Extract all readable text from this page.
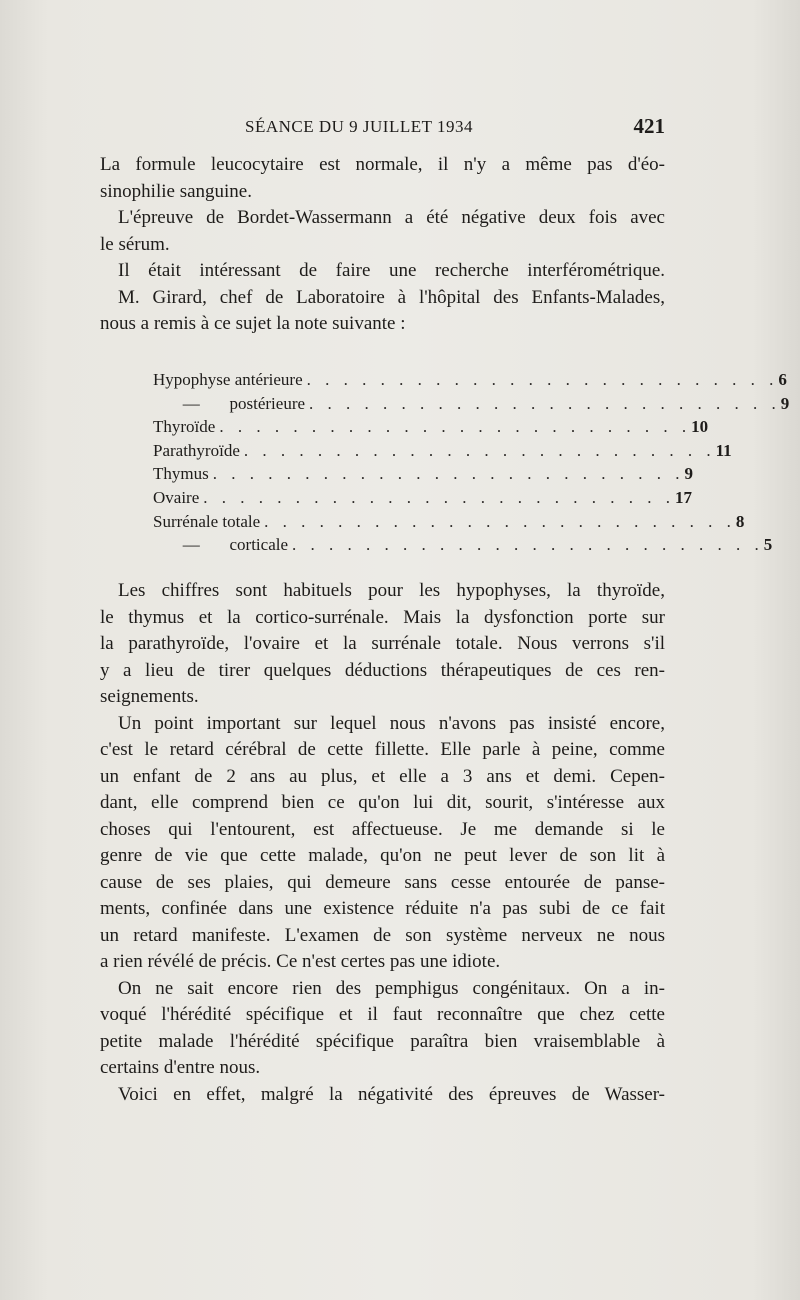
SÉANCE DU 9 JUILLET 1934	421
La formule leucocytaire est normale, il n'y a même pas d'éo-
sinophilie sanguine.
L'épreuve de Bordet-Wassermann a été négative deux fois avec
le sérum.
Il était intéressant de faire une recherche interférométrique.
M. Girard, chef de Laboratoire à l'hôpital des Enfants-Malades,
nous a remis à ce sujet la note suivante :
Hypophyse antérieure . . . . . . . . . . . . . . . . . . . . . . . . . . 6
—       postérieure . . . . . . . . . . . . . . . . . . . . . . . . . . 9
Thyroïde . . . . . . . . . . . . . . . . . . . . . . . . . . 10
Parathyroïde . . . . . . . . . . . . . . . . . . . . . . . . . . 11
Thymus . . . . . . . . . . . . . . . . . . . . . . . . . . 9
Ovaire . . . . . . . . . . . . . . . . . . . . . . . . . . 17
Surrénale totale . . . . . . . . . . . . . . . . . . . . . . . . . . 8
—       corticale . . . . . . . . . . . . . . . . . . . . . . . . . . 5
Les chiffres sont habituels pour les hypophyses, la thyroïde,
le thymus et la cortico-surrénale. Mais la dysfonction porte sur
la parathyroïde, l'ovaire et la surrénale totale. Nous verrons s'il
y a lieu de tirer quelques déductions thérapeutiques de ces ren-
seignements.
Un point important sur lequel nous n'avons pas insisté encore,
c'est le retard cérébral de cette fillette. Elle parle à peine, comme
un enfant de 2 ans au plus, et elle a 3 ans et demi. Cepen-
dant, elle comprend bien ce qu'on lui dit, sourit, s'intéresse aux
choses qui l'entourent, est affectueuse. Je me demande si le
genre de vie que cette malade, qu'on ne peut lever de son lit à
cause de ses plaies, qui demeure sans cesse entourée de panse-
ments, confinée dans une existence réduite n'a pas subi de ce fait
un retard manifeste. L'examen de son système nerveux ne nous
a rien révélé de précis. Ce n'est certes pas une idiote.
On ne sait encore rien des pemphigus congénitaux. On a in-
voqué l'hérédité spécifique et il faut reconnaître que chez cette
petite malade l'hérédité spécifique paraîtra bien vraisemblable à
certains d'entre nous.
Voici en effet, malgré la négativité des épreuves de Wasser-
